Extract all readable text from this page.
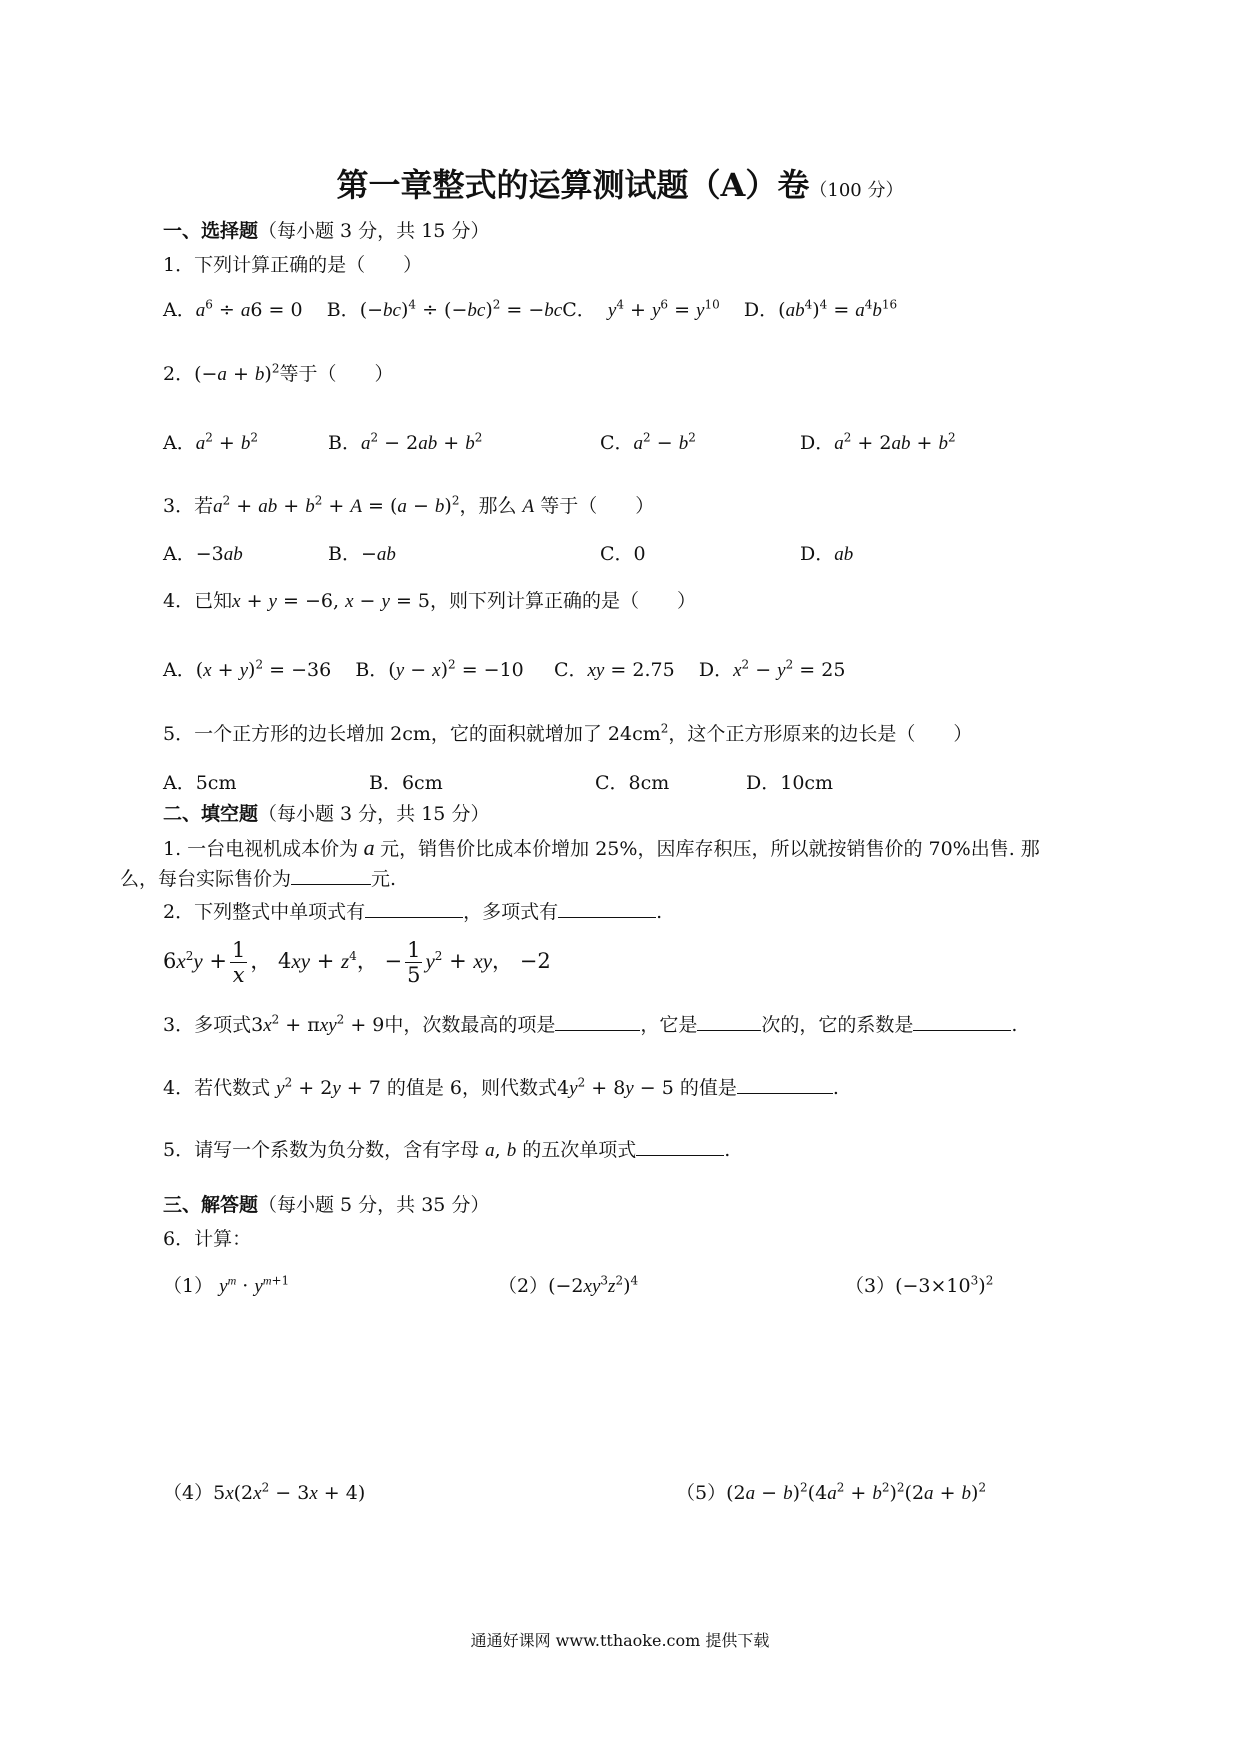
第一章整式的运算测试题（A）卷（100 分）
一、选择题（每小题 3 分，共 15 分）
1．下列计算正确的是（　　）
A．$a^6 \div a6 = 0$    B．$(-bc)^4 \div (-bc)^2 = -bcC$． $y^4 + y^6 = y^{10}$ D．$(ab^4)^4 = a^4b^{16}$
2．$(-a + b)^2$等于（　　）
A．$a^2 + b^2$	B．$a^2 - 2ab + b^2$	C．$a^2 - b^2$	D．$a^2 + 2ab + b^2$
3．若$a^2$ + ab + $b^2 + A = (a - b)^2$，那么 A 等于（　　）
A．−3ab	B．−ab	C．0	D．ab
4．已知x + y = −6, x − y = 5，则下列计算正确的是（　　）
A．$(x + y)^2 = -36$    B．$(y - x)^2 = -10$     C．xy = 2.75    D．$x^2 - y^2 = 25$
5．一个正方形的边长增加 2cm，它的面积就增加了 $24cm^2$，这个正方形原来的边长是（　　）
A．5cm	B．6cm	C．8cm	D．10cm
二、填空题（每小题 3 分，共 15 分）
1. 一台电视机成本价为 a 元，销售价比成本价增加 25%，因库存积压，所以就按销售价的 70%出售. 那
么，每台实际售价为	元.
2．下列整式中单项式有	，多项式有	.
$6x^2y + \frac{1}{x}$ ， $4xy + z^4$， − $\frac{1}{5} y^2$ + xy， −2
3．多项式$3x^2 + \pi xy^2 + 9$中，次数最高的项是	，它是	次的，它的系数是	.
4．若代数式 $y^2 + 2y + 7$ 的值是 6，则代数式$4y^2 + 8y - 5$ 的值是	.
5．请写一个系数为负分数，含有字母 a, b 的五次单项式	.
三、解答题（每小题 5 分，共 35 分）
6．计算：
（1） $y^m \cdot y^{m+1}$	$(2)(-2xy^3z^2)^4$	$(3)(-3\times 10^3)^2$
$(4)5x(2x^2 - 3x + 4)$	$(5)(2a - b)^2(4a^2 + b^2)^2(2a + b)^2$
通通好课网 www.tthaoke.com 提供下载
